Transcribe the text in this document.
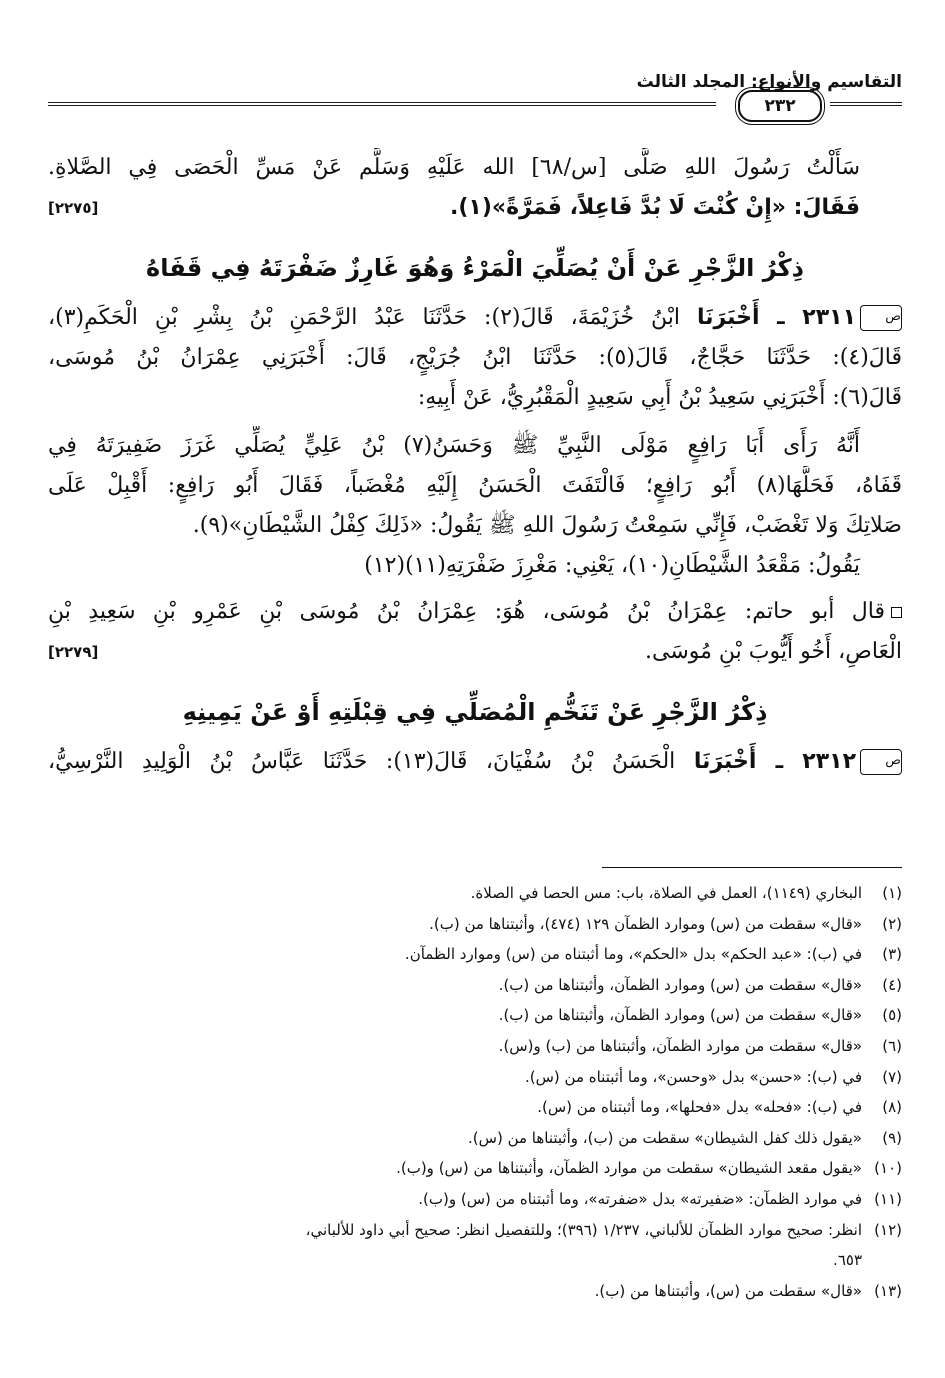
٢٣٢
التقاسيم والأنواع: المجلد الثالث
سَأَلْتُ رَسُولَ اللهِ صَلَّى [س/٦٨] الله عَلَيْهِ وَسَلَّم عَنْ مَسِّ الْحَصَى فِي الصَّلاةِ.
[٢٢٧٥]	فَقَالَ: «إِنْ كُنْتَ لَا بُدَّ فَاعِلاً، فَمَرَّةً»(١).
ذِكْرُ الزَّجْرِ عَنْ أَنْ يُصَلِّيَ الْمَرْءُ وَهُوَ غَارِزٌ ضَفْرَتَهُ فِي قَفَاهُ
ص٢٣١١ ـ أَخْبَرَنَا ابْنُ خُزَيْمَةَ، قَالَ(٢): حَدَّثَنَا عَبْدُ الرَّحْمَنِ بْنُ بِشْرِ بْنِ الْحَكَمِ(٣)،
قَالَ(٤): حَدَّثَنَا حَجَّاجٌ، قَالَ(٥): حَدَّثَنَا ابْنُ جُرَيْجٍ، قَالَ: أَخْبَرَنِي عِمْرَانُ بْنُ مُوسَى،
قَالَ(٦): أَخْبَرَنِي سَعِيدُ بْنُ أَبِي سَعِيدٍ الْمَقْبُرِيُّ، عَنْ أَبِيهِ:
أَنَّهُ رَأَى أَبَا رَافِعٍ مَوْلَى النَّبِيِّ ﷺ وَحَسَنُ(٧) بْنُ عَلِيٍّ يُصَلِّي غَرَزَ ضَفِيرَتَهُ فِي
قَفَاهُ، فَحَلَّهَا(٨) أَبُو رَافِعٍ؛ فَالْتَفَتَ الْحَسَنُ إِلَيْهِ مُغْضَباً، فَقَالَ أَبُو رَافِعٍ: أَقْبِلْ عَلَى
صَلاتِكَ وَلا تَغْضَبْ، فَإِنِّي سَمِعْتُ رَسُولَ اللهِ ﷺ يَقُولُ: «ذَلِكَ كِفْلُ الشَّيْطَانِ»(٩).
يَقُولُ: مَقْعَدُ الشَّيْطَانِ(١٠)، يَعْنِي: مَغْرِزَ ضَفْرَتِهِ(١١)(١٢)
قال أبو حاتم: عِمْرَانُ بْنُ مُوسَى، هُوَ: عِمْرَانُ بْنُ مُوسَى بْنِ عَمْرِو بْنِ سَعِيدِ بْنِ
[٢٢٧٩]	الْعَاصِ، أَخُو أَيُّوبَ بْنِ مُوسَى.
ذِكْرُ الزَّجْرِ عَنْ تَنَخُّمِ الْمُصَلِّي فِي قِبْلَتِهِ أَوْ عَنْ يَمِينِهِ
ص٢٣١٢ ـ أَخْبَرَنَا الْحَسَنُ بْنُ سُفْيَانَ، قَالَ(١٣): حَدَّثَنَا عَبَّاسُ بْنُ الْوَلِيدِ النَّرْسِيُّ،
(١)البخاري (١١٤٩)، العمل في الصلاة، باب: مس الحصا في الصلاة.
(٢)«قال» سقطت من (س) وموارد الظمآن ١٢٩ (٤٧٤)، وأثبتناها من (ب).
(٣)في (ب): «عبد الحكم» بدل «الحكم»، وما أثبتناه من (س) وموارد الظمآن.
(٤)«قال» سقطت من (س) وموارد الظمآن، وأثبتناها من (ب).
(٥)«قال» سقطت من (س) وموارد الظمآن، وأثبتناها من (ب).
(٦)«قال» سقطت من موارد الظمآن، وأثبتناها من (ب) و(س).
(٧)في (ب): «حسن» بدل «وحسن»، وما أثبتناه من (س).
(٨)في (ب): «فحله» بدل «فحلها»، وما أثبتناه من (س).
(٩)«يقول ذلك كفل الشيطان» سقطت من (ب)، وأثبتناها من (س).
(١٠)«يقول مقعد الشيطان» سقطت من موارد الظمآن، وأثبتناها من (س) و(ب).
(١١)في موارد الظمآن: «ضفيرته» بدل «ضفرته»، وما أثبتناه من (س) و(ب).
(١٢)انظر: صحيح موارد الظمآن للألباني، ١/٢٣٧ (٣٩٦)؛ وللتفصيل انظر: صحيح أبي داود للألباني،
٦٥٣.
(١٣)«قال» سقطت من (س)، وأثبتناها من (ب).
